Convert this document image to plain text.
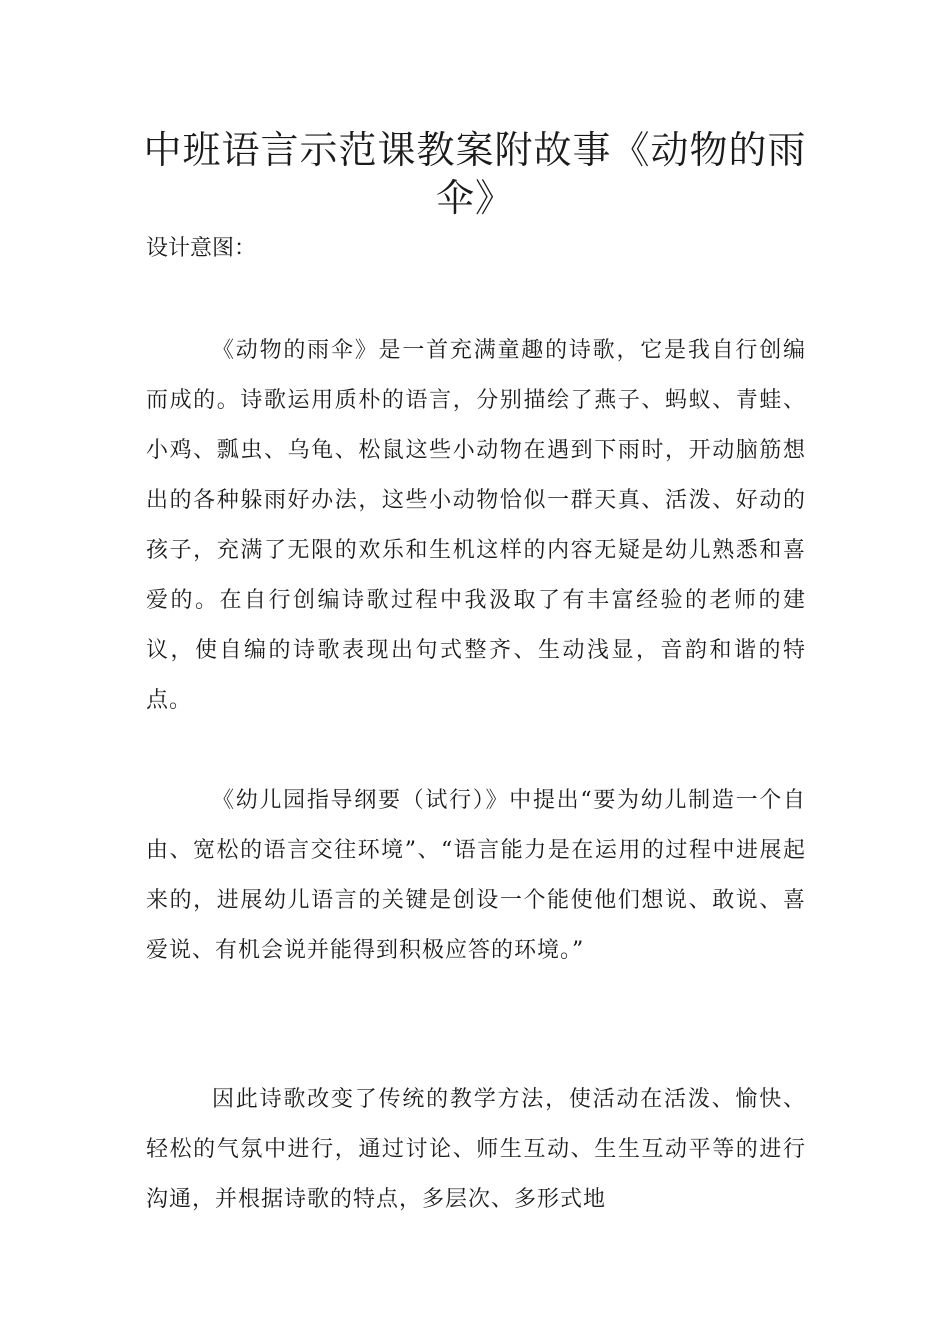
中班语言示范课教案附故事《动物的雨伞》

设计意图：

《动物的雨伞》是一首充满童趣的诗歌，它是我自行创编而成的。诗歌运用质朴的语言，分别描绘了燕子、蚂蚁、青蛙、小鸡、瓢虫、乌龟、松鼠这些小动物在遇到下雨时，开动脑筋想出的各种躲雨好办法，这些小动物恰似一群天真、活泼、好动的孩子，充满了无限的欢乐和生机这样的内容无疑是幼儿熟悉和喜爱的。在自行创编诗歌过程中我汲取了有丰富经验的老师的建议，使自编的诗歌表现出句式整齐、生动浅显，音韵和谐的特点。

《幼儿园指导纲要（试行）》中提出“要为幼儿制造一个自由、宽松的语言交往环境”、“语言能力是在运用的过程中进展起来的，进展幼儿语言的关键是创设一个能使他们想说、敢说、喜爱说、有机会说并能得到积极应答的环境。”

因此诗歌改变了传统的教学方法，使活动在活泼、愉快、轻松的气氛中进行，通过讨论、师生互动、生生互动平等的进行沟通，并根据诗歌的特点，多层次、多形式地
